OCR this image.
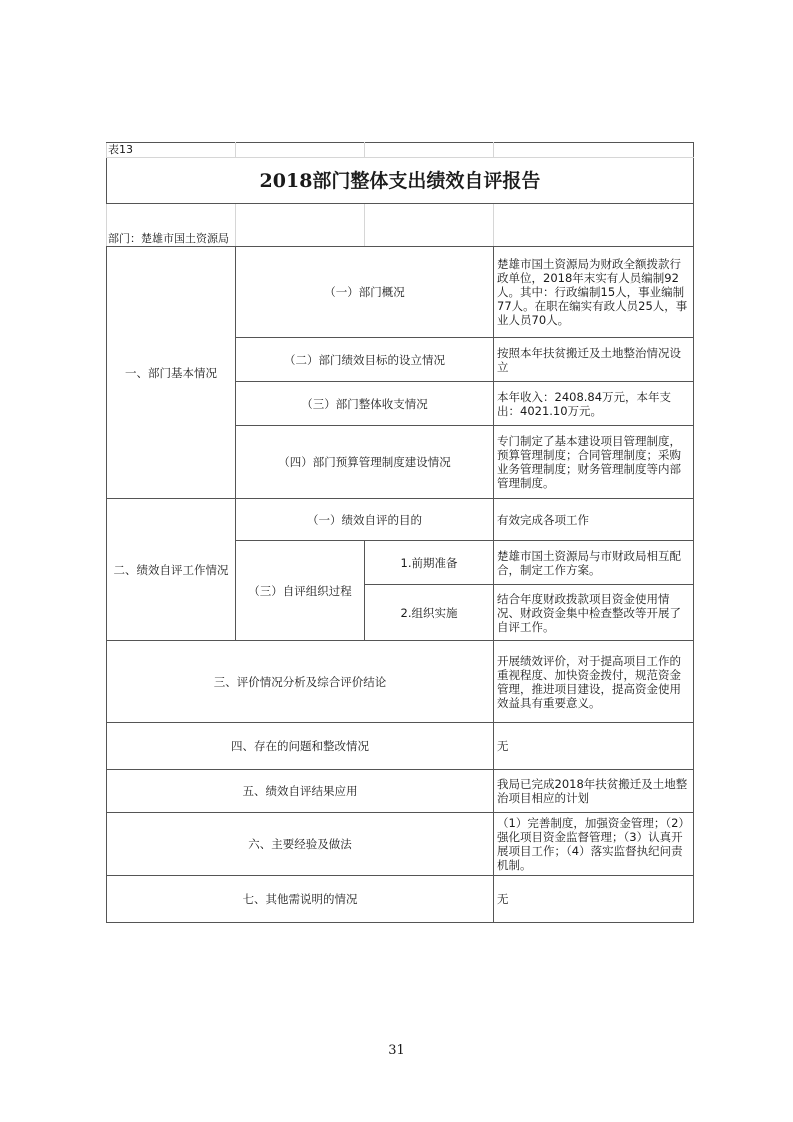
表13			
2018部门整体支出绩效自评报告			
部门：楚雄市国土资源局			
一、部门基本情况	（一）部门概况		楚雄市国土资源局为财政全额拨款行政单位，2018年末实有人员编制92人。其中：行政编制15人，事业编制77人。在职在编实有政人员25人，事业人员70人。
	（二）部门绩效目标的设立情况		按照本年扶贫搬迁及土地整治情况设立
	（三）部门整体收支情况		本年收入：2408.84万元，本年支出：4021.10万元。
	（四）部门预算管理制度建设情况		专门制定了基本建设项目管理制度，预算管理制度；合同管理制度；采购业务管理制度；财务管理制度等内部管理制度。
二、绩效自评工作情况	（一）绩效自评的目的		有效完成各项工作
	（三）自评组织过程	1.前期准备	楚雄市国土资源局与市财政局相互配合，制定工作方案。
		2.组织实施	结合年度财政拨款项目资金使用情况、财政资金集中检查整改等开展了自评工作。
三、评价情况分析及综合评价结论			开展绩效评价，对于提高项目工作的重视程度、加快资金拨付，规范资金管理，推进项目建设，提高资金使用效益具有重要意义。
四、存在的问题和整改情况			无
五、绩效自评结果应用			我局已完成2018年扶贫搬迁及土地整治项目相应的计划
六、主要经验及做法			（1）完善制度，加强资金管理；（2）强化项目资金监督管理；（3）认真开展项目工作；（4）落实监督执纪问责机制。
七、其他需说明的情况			无
31
